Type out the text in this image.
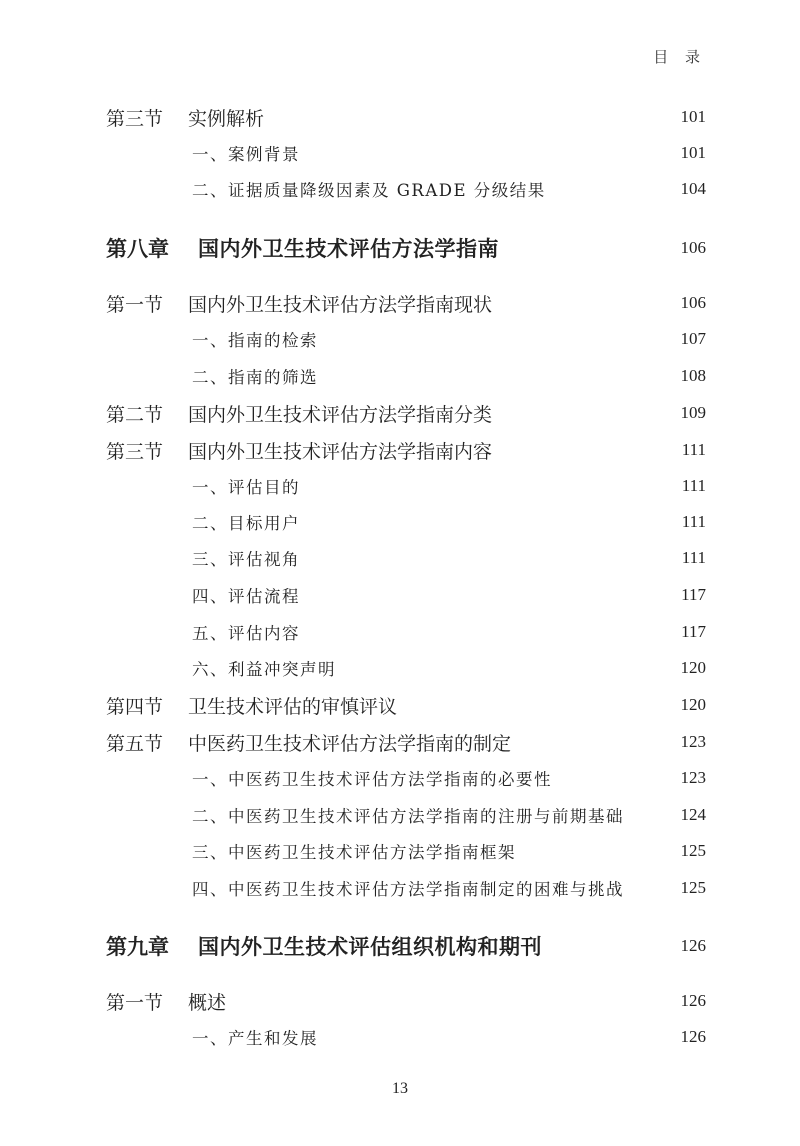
目 录
第三节	实例解析	101
一、案例背景	101
二、证据质量降级因素及 GRADE 分级结果	104
第八章	国内外卫生技术评估方法学指南	106
第一节	国内外卫生技术评估方法学指南现状	106
一、指南的检索	107
二、指南的筛选	108
第二节	国内外卫生技术评估方法学指南分类	109
第三节	国内外卫生技术评估方法学指南内容	111
一、评估目的	111
二、目标用户	111
三、评估视角	111
四、评估流程	117
五、评估内容	117
六、利益冲突声明	120
第四节	卫生技术评估的审慎评议	120
第五节	中医药卫生技术评估方法学指南的制定	123
一、中医药卫生技术评估方法学指南的必要性	123
二、中医药卫生技术评估方法学指南的注册与前期基础	124
三、中医药卫生技术评估方法学指南框架	125
四、中医药卫生技术评估方法学指南制定的困难与挑战	125
第九章	国内外卫生技术评估组织机构和期刊	126
第一节	概述	126
一、产生和发展	126
13
